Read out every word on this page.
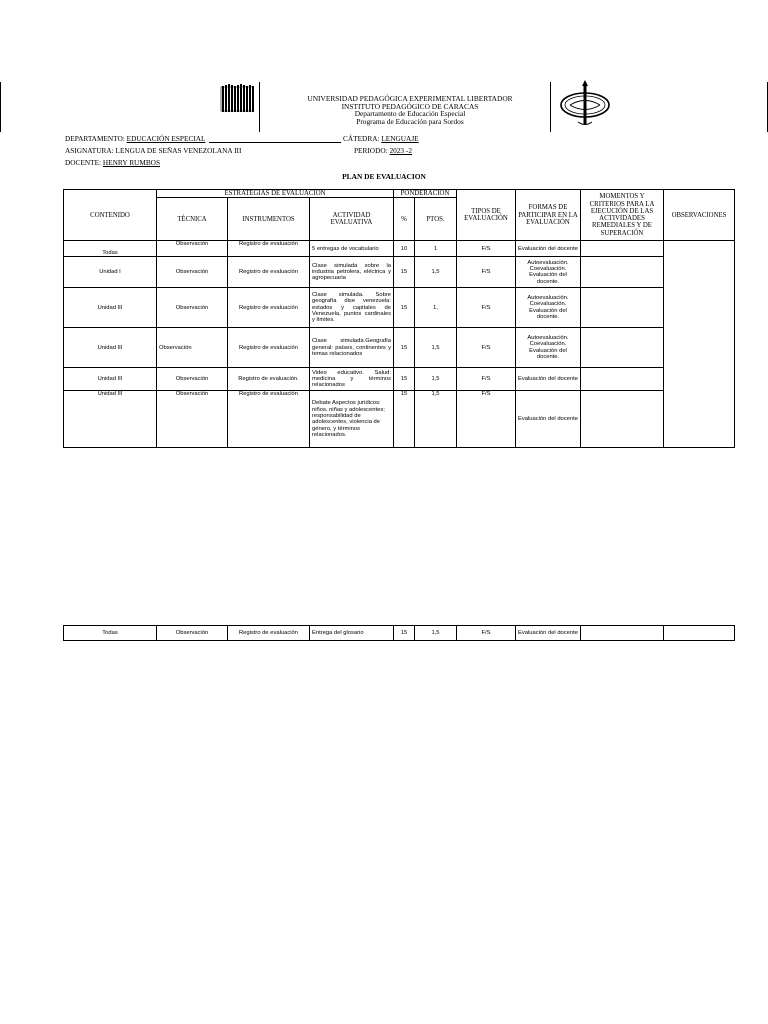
UNIVERSIDAD PEDAGÓGICA EXPERIMENTAL LIBERTADOR
INSTITUTO PEDAGÓGICO DE CARACAS
Departamento de Educación Especial
Programa de Educación para Sordos
DEPARTAMENTO: EDUCACIÓN ESPECIAL	CÁTEDRA: LENGUAJE
ASIGNATURA: LENGUA DE SEÑAS VENEZOLANA III	PERIODO: 2023 -2
DOCENTE: HENRY RUMBOS
PLAN DE EVALUACION
CONTENIDO	ESTRATEGIAS DE EVALUACIÓN			PONDERACIÓN		TIPOS DE EVALUACIÓN	FORMAS DE PARTICIPAR EN LA EVALUACIÓN	MOMENTOS Y CRITERIOS PARA LA EJECUCIÓN DE LAS ACTIVIDADES REMEDIALES Y DE SUPERACIÓN	OBSERVACIONES
	TÉCNICA	INSTRUMENTOS	ACTIVIDAD EVALUATIVA	%	PTOS.				
Todas	Observación	Registro de evaluación	5 entregas de vocabulario	10	1	F/S	Evaluación del docente		
Unidad I	Observación	Registro de evaluación	Clase simulada sobre la industria petrolera, eléctrica y agropecuaria	15	1,5	F/S	Autoevaluación. Coevaluación. Evaluación del docente.		
Unidad III	Observación	Registro de evaluación	Clase simulada. Sobre geografía dise venezuela: estados y capitales de Venezuela, puntos cardinales y límites.	15	1,	F/S	Autoevaluación. Coevaluación. Evaluación del docente.		
Unidad III	Observación	Registro de evaluación	Clase simulada.Geografía general: países, continentes y temas relacionados	15	1,5	F/S	Autoevaluación. Coevaluación. Evaluación del docente.		
Unidad III	Observación	Registro de evaluación.	Video educativo. Salud: medicina y términos relacionados	15	1,5	F/S	Evaluación del docente		
Unidad III	Observación	Registro de evaluación	Debate Aspectos jurídicos: niños, niñas y adolescentes; responsabilidad de adolescentes, violencia de género, y términos relacionados.	15	1,5	F/S	Evaluación del docente		
Todas	Observación	Registro de evaluación	Entrega del glosario	15	1,5	F/S	Evaluación del docente		
